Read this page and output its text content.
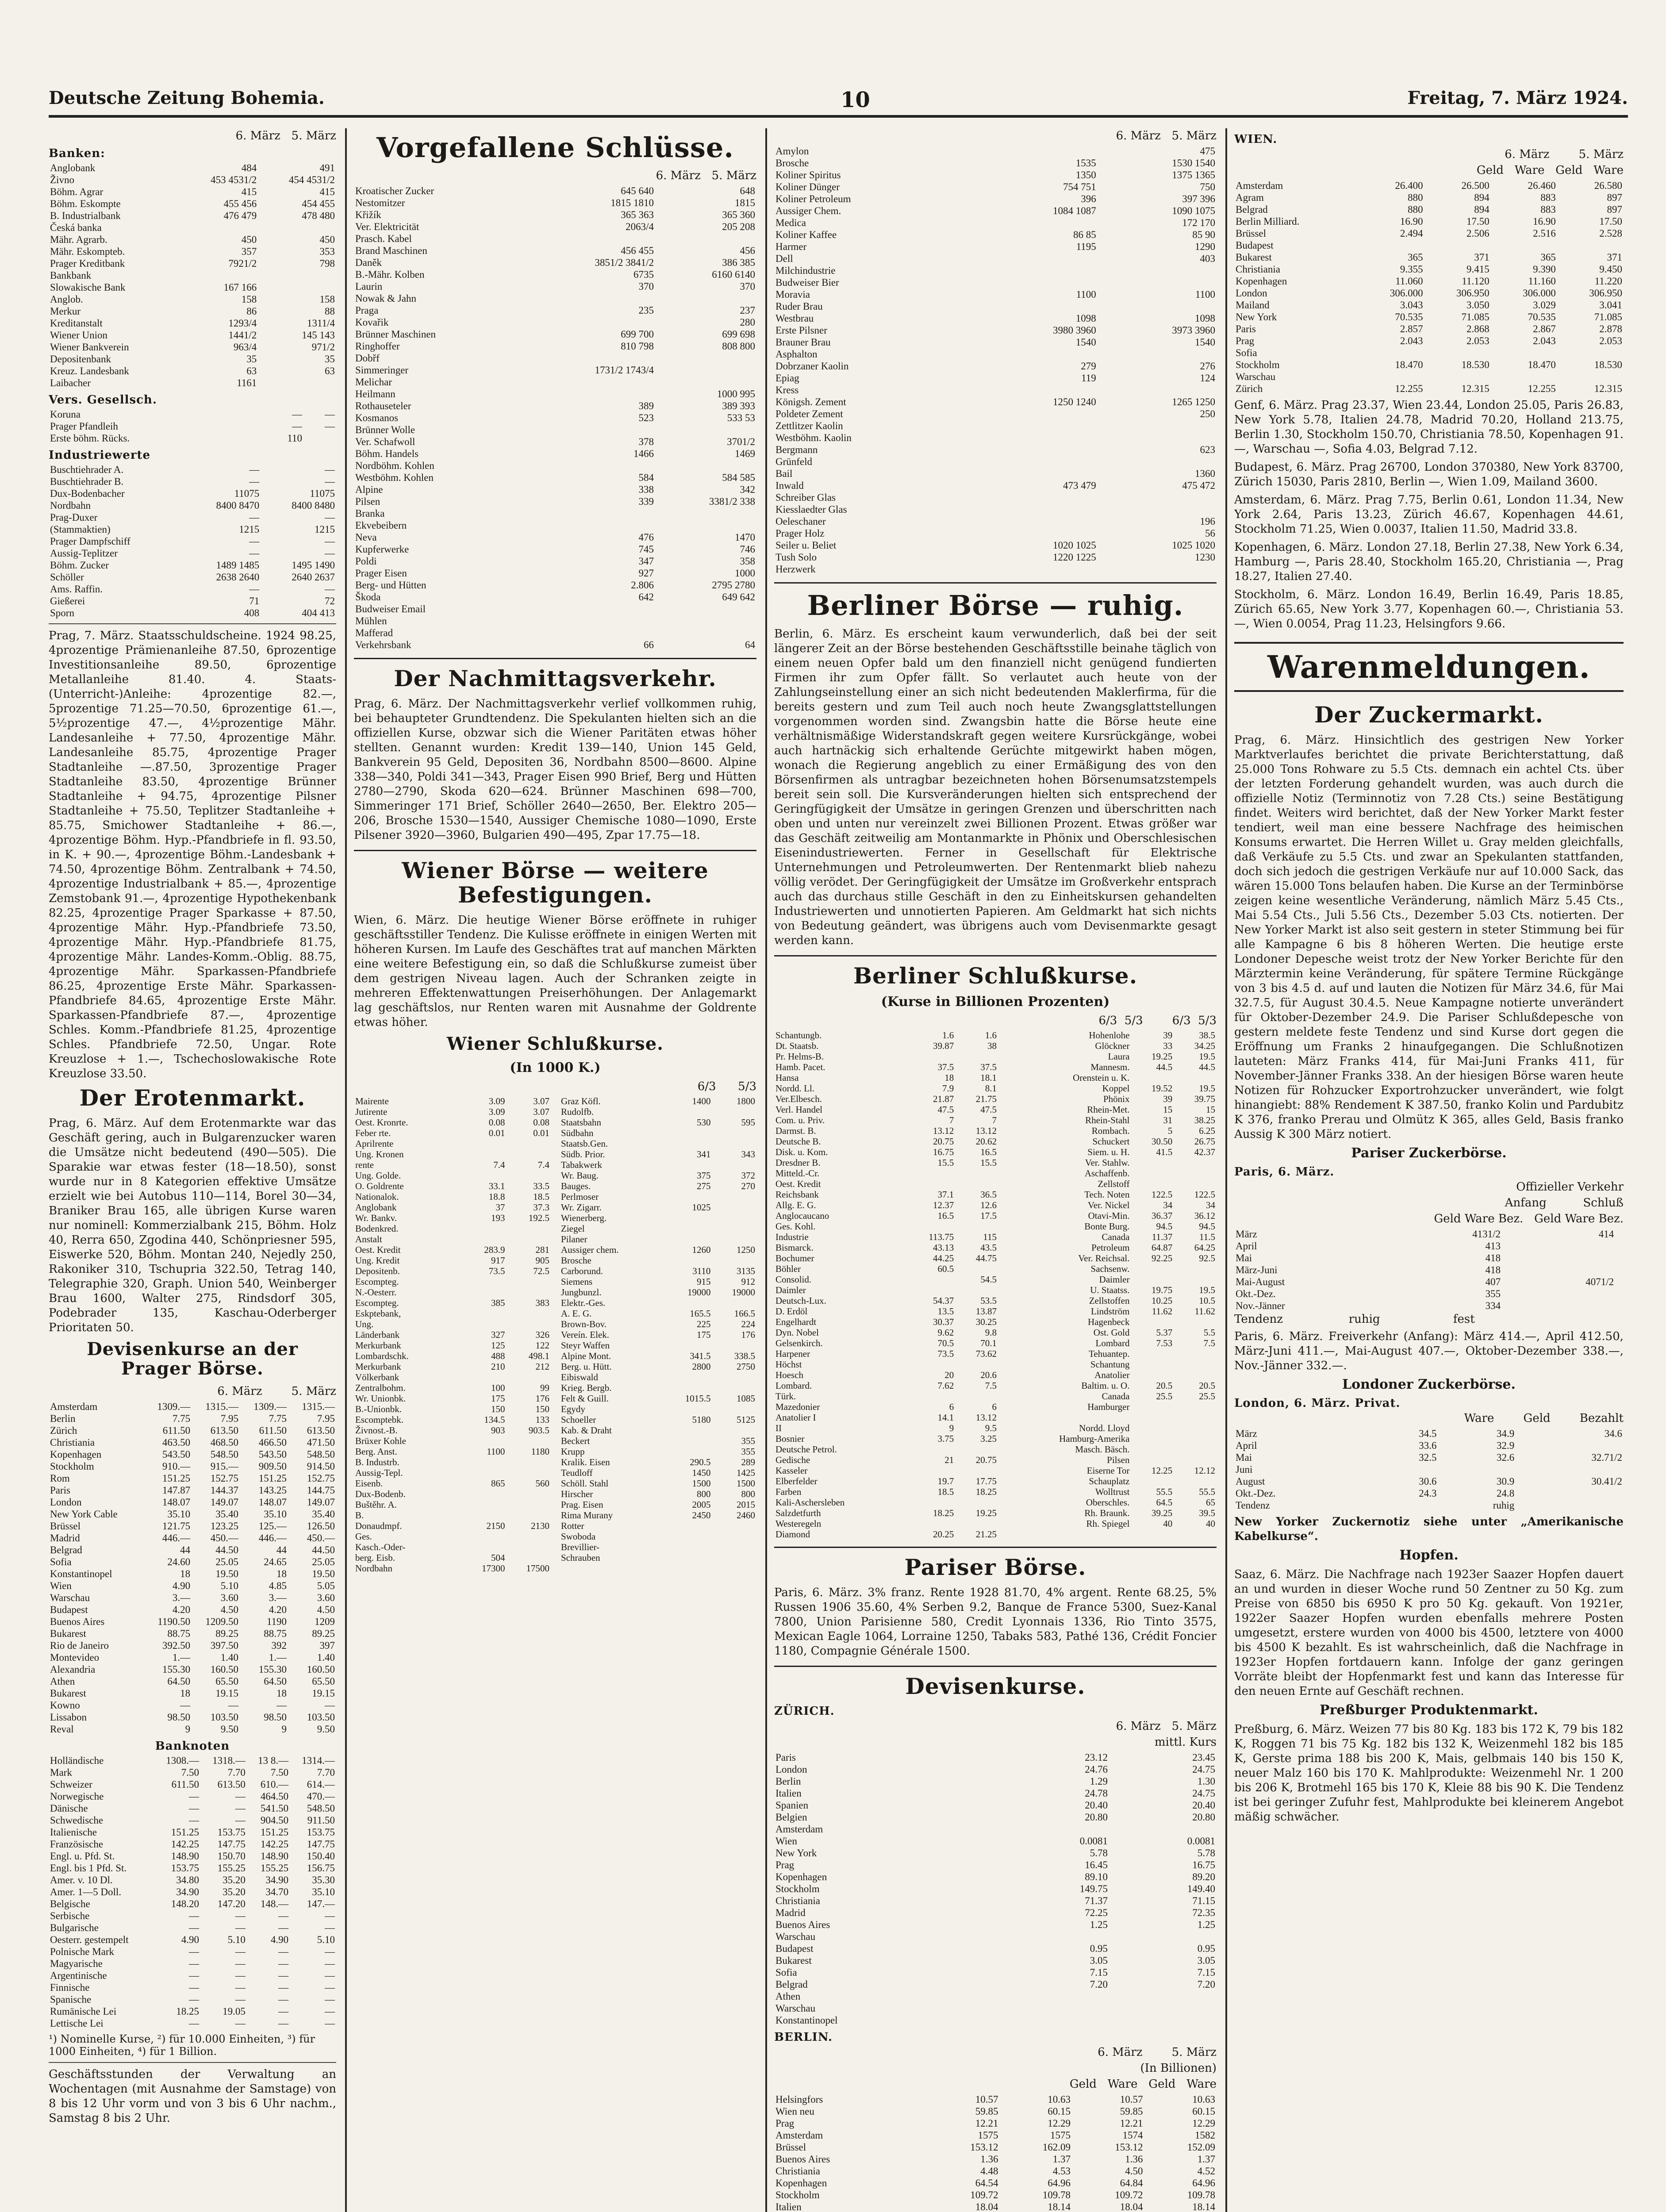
Deutsche Zeitung Bohemia.	10	Freitag, 7. März 1924.
6. März   5. März
Banken:
Anglobank	484	491
Živno	453 4531/2	454 4531/2
Böhm. Agrar	415	415
Böhm. Eskompte	455 456	454 455
B. Industrialbank	476 479	478 480
Česká banka		
Mähr. Agrarb.	450	450
Mähr. Eskompteb.	357	353
Prager Kreditbank	7921/2	798
Bankbank		
Slowakische Bank	167 166	
Anglob.	158	158
Merkur	86	88
Kreditanstalt	1293/4	1311/4
Wiener Union	1441/2	145 143
Wiener Bankverein	963/4	971/2
Depositenbank	35	35
Kreuz. Landesbank	63	63
Laibacher	1161	
Vers. Gesellsch.
Koruna	—	—
Prager Pfandleih	—	—
Erste böhm. Rücks.	110	
Industriewerte
Buschtiehrader A.	—	—
Buschtiehrader B.	—	—
Dux-Bodenbacher	11075	11075
Nordbahn	8400 8470	8400 8480
Prag-Duxer	—	—
(Stammaktien)	1215	1215
Prager Dampfschiff	—	—
Aussig-Teplitzer	—	—
Böhm. Zucker	1489 1485	1495 1490
Schöller	2638 2640	2640 2637
Ams. Raffin.	—	—
Gießerei	71	72
Sporn	408	404 413

Prag, 7. März. Staatsschuldscheine. 1924 98.25, 4prozentige Prämienanleihe 87.50, 6prozentige Investitionsanleihe 89.50, 6prozentige Metallanleihe 81.40. 4. Staats-(Unterricht-)Anleihe: 4prozentige 82.—, 5prozentige 71.25—70.50, 6prozentige 61.—, 5½prozentige 47.—, 4½prozentige Mähr. Landesanleihe + 77.50, 4prozentige Mähr. Landesanleihe 85.75, 4prozentige Prager Stadtanleihe —.87.50, 3prozentige Prager Stadtanleihe 83.50, 4prozentige Brünner Stadtanleihe + 94.75, 4prozentige Pilsner Stadtanleihe + 75.50, Teplitzer Stadtanleihe + 85.75, Smichower Stadtanleihe + 86.—, 4prozentige Böhm. Hyp.-Pfandbriefe in fl. 93.50, in K. + 90.—, 4prozentige Böhm.-Landesbank + 74.50, 4prozentige Böhm. Zentralbank + 74.50, 4prozentige Industrialbank + 85.—, 4prozentige Zemstobank 91.—, 4prozentige Hypothekenbank 82.25, 4prozentige Prager Sparkasse + 87.50, 4prozentige Mähr. Hyp.-Pfandbriefe 73.50, 4prozentige Mähr. Hyp.-Pfandbriefe 81.75, 4prozentige Mähr. Landes-Komm.-Oblig. 88.75, 4prozentige Mähr. Sparkassen-Pfandbriefe 86.25, 4prozentige Erste Mähr. Sparkassen-Pfandbriefe 84.65, 4prozentige Erste Mähr. Sparkassen-Pfandbriefe 87.—, 4prozentige Schles. Komm.-Pfandbriefe 81.25, 4prozentige Schles. Pfandbriefe 72.50, Ungar. Rote Kreuzlose + 1.—, Tschechoslowakische Rote Kreuzlose 33.50.

Der Erotenmarkt.

Prag, 6. März. Auf dem Erotenmarkte war das Geschäft gering, auch in Bulgarenzucker waren die Umsätze nicht bedeutend (490—505). Die Sparakie war etwas fester (18—18.50), sonst wurde nur in 8 Kategorien effektive Umsätze erzielt wie bei Autobus 110—114, Borel 30—34, Braniker Brau 165, alle übrigen Kurse waren nur nominell: Kommerzialbank 215, Böhm. Holz 40, Rerra 650, Zgodina 440, Schönpriesner 595, Eiswerke 520, Böhm. Montan 240, Nejedly 250, Rakoniker 310, Tschupria 322.50, Tetrag 140, Telegraphie 320, Graph. Union 540, Weinberger Brau 1600, Walter 275, Rindsdorf 305, Podebrader 135, Kaschau-Oderberger Prioritaten 50.

Devisenkurse an der Prager Börse.
6. März        5. März
Amsterdam	1309.—	1315.—	1309.—	1315.—
Berlin	7.75	7.95	7.75	7.95
Zürich	611.50	613.50	611.50	613.50
Christiania	463.50	468.50	466.50	471.50
Kopenhagen	543.50	548.50	543.50	548.50
Stockholm	910.—	915.—	909.50	914.50
Rom	151.25	152.75	151.25	152.75
Paris	147.87	144.37	143.25	144.75
London	148.07	149.07	148.07	149.07
New York Cable	35.10	35.40	35.10	35.40
Brüssel	121.75	123.25	125.—	126.50
Madrid	446.—	450.—	446.—	450.—
Belgrad	44	44.50	44	44.50
Sofia	24.60	25.05	24.65	25.05
Konstantinopel	18	19.50	18	19.50
Wien	4.90	5.10	4.85	5.05
Warschau	3.—	3.60	3.—	3.60
Budapest	4.20	4.50	4.20	4.50
Buenos Aires	1190.50	1209.50	1190	1209
Bukarest	88.75	89.25	88.75	89.25
Rio de Janeiro	392.50	397.50	392	397
Montevideo	1.—	1.40	1.—	1.40
Alexandria	155.30	160.50	155.30	160.50
Athen	64.50	65.50	64.50	65.50
Bukarest	18	19.15	18	19.15
Kowno	—	—	—	—
Lissabon	98.50	103.50	98.50	103.50
Reval	9	9.50	9	9.50
Banknoten
Holländische	1308.—	1318.—	13 8.—	1314.—
Mark	7.50	7.70	7.50	7.70
Schweizer	611.50	613.50	610.—	614.—
Norwegische	—	—	464.50	470.—
Dänische	—	—	541.50	548.50
Schwedische	—	—	904.50	911.50
Italienische	151.25	153.75	151.25	153.75
Französische	142.25	147.75	142.25	147.75
Engl. u. Pfd. St.	148.90	150.70	148.90	150.40
Engl. bis 1 Pfd. St.	153.75	155.25	155.25	156.75
Amer. v. 10 Dl.	34.80	35.20	34.90	35.30
Amer. 1—5 Doll.	34.90	35.20	34.70	35.10
Belgische	148.20	147.20	148.—	147.—
Serbische	—	—	—	—
Bulgarische	—	—	—	—
Oesterr. gestempelt	4.90	5.10	4.90	5.10
Polnische Mark	—	—	—	—
Magyarische	—	—	—	—
Argentinische	—	—	—	—
Finnische	—	—	—	—
Spanische	—	—	—	—
Rumänische Lei	18.25	19.05	—	—
Lettische Lei	—	—	—	—
¹) Nominelle Kurse, ²) für 10.000 Einheiten, ³) für 1000 Einheiten, ⁴) für 1 Billion.

Geschäftsstunden der Verwaltung an Wochentagen (mit Ausnahme der Samstage) von 8 bis 12 Uhr vorm und von 3 bis 6 Uhr nachm., Samstag 8 bis 2 Uhr.

Vorgefallene Schlüsse.
6. März   5. März
Kroatischer Zucker	645 640	648
Nestomitzer	1815 1810	1815

Křižík	365 363	365 360
Ver. Elektricität	2063/4	205 208
Prasch. Kabel		
Brand Maschinen	456 455	456
Daněk	3851/2 3841/2	386 385
B.-Mähr. Kolben	6735	6160 6140
Laurin	370	370
Nowak & Jahn		
Praga	235	237
Kovařik		280
Brünner Maschinen	699 700	699 698
Ringhoffer	810 798	808 800
Dobřf		
Simmeringer	1731/2 1743/4	
Melichar		
Heilmann		1000 995

Rothauseteler	389	389 393
Kosmanos	523	533 53
Brünner Wolle		
Ver. Schafwoll	378	3701/2

Böhm. Handels	1466	1469
Nordböhm. Kohlen		
Westböhm. Kohlen	584	584 585
Alpine	338	342
Pilsen	339	3381/2 338
Branka		
Ekvebeibern		
Neva	476	1470
Kupferwerke	745	746
Poldi	347	358
Prager Eisen	927	1000
Berg- und Hütten	2.806	2795 2780
Škoda	642	649 642
Budweiser Email		
Mühlen		
Mafferad		
Verkehrsbank	66	64
Der Nachmittagsverkehr.

Prag, 6. März. Der Nachmittagsverkehr verlief vollkommen ruhig, bei behaupteter Grundtendenz. Die Spekulanten hielten sich an die offiziellen Kurse, obzwar sich die Wiener Paritäten etwas höher stellten. Genannt wurden: Kredit 139—140, Union 145 Geld, Bankverein 95 Geld, Depositen 36, Nordbahn 8500—8600. Alpine 338—340, Poldi 341—343, Prager Eisen 990 Brief, Berg und Hütten 2780—2790, Skoda 620—624. Brünner Maschinen 698—700, Simmeringer 171 Brief, Schöller 2640—2650, Ber. Elektro 205—206, Brosche 1530—1540, Aussiger Chemische 1080—1090, Erste Pilsener 3920—3960, Bulgarien 490—495, Zpar 17.75—18.

Wiener Börse — weitere Befestigungen.

Wien, 6. März. Die heutige Wiener Börse eröffnete in ruhiger geschäftsstiller Tendenz. Die Kulisse eröffnete in einigen Werten mit höheren Kursen. Im Laufe des Geschäftes trat auf manchen Märkten eine weitere Befestigung ein, so daß die Schlußkurse zumeist über dem gestrigen Niveau lagen. Auch der Schranken zeigte in mehreren Effektenwattungen Preiserhöhungen. Der Anlagemarkt lag geschäftslos, nur Renten waren mit Ausnahme der Goldrente etwas höher.

Wiener Schlußkurse.
(In 1000 K.)
6/3      5/3
Mairente	3.09	3.07
Jutirente	3.09	3.07
Oest. Kronrte.	0.08	0.08
Feber rte.	0.01	0.01
Aprilrente		
Ung. Kronen		
rente	7.4	7.4
Ung. Golde.		
O. Goldrente	33.1	33.5
Nationalok.	18.8	18.5
Anglobank	37	37.3
Wr. Bankv.	193	192.5
Bodenkred.		
Anstalt		
Oest. Kredit	283.9	281
Ung. Kredit	917	905
Depositenb.	73.5	72.5
Escompteg.		
N.-Oesterr.		
Escompteg.	385	383
Eskptebank,		
Ung.		
Länderbank	327	326
Merkurbank	125	122
Lombardschk.	488	498.1
Merkurbank	210	212
Völkerbank		
Zentralbohm.	100	99
Wr. Unionbk.	175	176
B.-Unionbk.	150	150
Escomptebk.	134.5	133
Živnost.-B.	903	903.5
Brüxer Kohle		
Berg. Anst.	1100	1180
B. Industrb.		
Aussig-Tepl.		
Eisenb.	865	560
Dux-Bodenb.		
Buštěhr. A.		
B.		
Donaudmpf.	2150	2130
Ges.		
Kasch.-Oder-		
berg. Eisb.	504	
Nordbahn	17300	17500
Graz Köfl.	1400	1800
Rudolfb.		
Staatsbahn	530	595
Südbahn		
Staatsb.Gen.		
Südb. Prior.	341	343
Tabakwerk		
Wr. Baug.	375	372
Bauges.	275	270
Perlmoser		
Wr. Zigarr.	1025	
Wienerberg.		
Ziegel		
Pilaner		
Aussiger chem.	1260	1250
Brosche		
Carborund.	3110	3135
Siemens	915	912
Jungbunzl.	19000	19000
Elektr.-Ges.		
A. E. G.	165.5	166.5
Brown-Bov.	225	224
Vereín. Elek.	175	176
Steyr Waffen		
Alpine Mont.	341.5	338.5
Berg. u. Hütt.	2800	2750
Eibiswald		
Krieg. Bergb.		
Felt & Guill.	1015.5	1085
Egydy		
Schoeller	5180	5125
Kab. & Draht		
Beckert		355
Krupp		355
Kralik. Eisen	290.5	289
Teudloff	1450	1425
Schöll. Stahl	1500	1500
Hirscher	800	800
Prag. Eisen	2005	2015
Rima Murany	2450	2460
Rotter		
Swoboda		
Brevillier-		
Schrauben		
6. März   5. März
Amylon		475
Brosche	1535	1530 1540
Koliner Spiritus	1350	1375 1365
Koliner Dünger	754 751	750
Koliner Petroleum	396	397 396
Aussiger Chem.	1084 1087	1090 1075
Medica		172 170

Koliner Kaffee	86 85	85 90
Harmer	1195	1290
Dell		403
Milchindustrie		

Budweiser Bier		
Moravia	1100	1100
Ruder Brau		
Westbrau	1098	1098
Erste Pilsner	3980 3960	3973 3960
Brauner Brau	1540	1540

Asphalton		
Dobrzaner Kaolin	279	276
Epiag	119	124
Kress		
Königsh. Zement	1250 1240	1265 1250
Poldeter Zement		250
Zettlitzer Kaolin		
Westböhm. Kaolin		

Bergmann		623
Grünfeld		
Bail		1360
Inwald	473 479	475 472
Schreiber Glas		
Kiesslaedter Glas		
Oeleschaner		196
Prager Holz		56

Seiler u. Beliet	1020 1025	1025 1020
Tush Solo	1220 1225	1230
Herzwerk		
Berliner Börse — ruhig.

Berlin, 6. März. Es erscheint kaum verwunderlich, daß bei der seit längerer Zeit an der Börse bestehenden Geschäftsstille beinahe täglich von einem neuen Opfer bald um den finanziell nicht genügend fundierten Firmen ihr zum Opfer fällt. So verlautet auch heute von der Zahlungseinstellung einer an sich nicht bedeutenden Maklerfirma, für die bereits gestern und zum Teil auch noch heute Zwangsglattstellungen vorgenommen worden sind. Zwangsbin hatte die Börse heute eine verhältnismäßige Widerstandskraft gegen weitere Kursrückgänge, wobei auch hartnäckig sich erhaltende Gerüchte mitgewirkt haben mögen, wonach die Regierung angeblich zu einer Ermäßigung des von den Börsenfirmen als untragbar bezeichneten hohen Börsenumsatzstempels bereit sein soll. Die Kursveränderungen hielten sich entsprechend der Geringfügigkeit der Umsätze in geringen Grenzen und überschritten nach oben und unten nur vereinzelt zwei Billionen Prozent. Etwas größer war das Geschäft zeitweilig am Montanmarkte in Phönix und Oberschlesischen Eisenindustriewerten. Ferner in Gesellschaft für Elektrische Unternehmungen und Petroleumwerten. Der Rentenmarkt blieb nahezu völlig verödet. Der Geringfügigkeit der Umsätze im Großverkehr entsprach auch das durchaus stille Geschäft in den zu Einheitskursen gehandelten Industriewerten und unnotierten Papieren. Am Geldmarkt hat sich nichts von Bedeutung geändert, was übrigens auch vom Devisenmarkte gesagt werden kann.

Berliner Schlußkurse.
(Kurse in Billionen Prozenten)
6/3  5/3        6/3  5/3
Schantungb.	1.6	1.6	Hohenlohe	39	38.5
Dt. Staatsb.	39.87	38	Glöckner	33	34.25
Pr. Helms-B.			Laura	19.25	19.5
Hamb. Pacet.	37.5	37.5	Mannesm.	44.5	44.5
Hansa	18	18.1	Orenstein u. K.		
Nordd. Ll.	7.9	8.1	Koppel	19.52	19.5
Ver.Elbesch.	21.87	21.75	Phönix	39	39.75
Verl. Handel	47.5	47.5	Rhein-Met.	15	15
Com. u. Priv.	7	7	Rhein-Stahl	31	38.25
Darmst. B.	13.12	13.12	Rombach.	5	6.25
Deutsche B.	20.75	20.62	Schuckert	30.50	26.75
Disk. u. Kom.	16.75	16.5	Siem. u. H.	41.5	42.37
Dresdner B.	15.5	15.5	Ver. Stahlw.		
Mitteld.-Cr.			Aschaffenb.		
Oest. Kredit			Zellstoff		
Reichsbank	37.1	36.5	Tech. Noten	122.5	122.5
Allg. E. G.	12.37	12.6	Ver. Nickel	34	34
Anglocaucano	16.5	17.5	Otavi-Min.	36.37	36.12
Ges. Kohl.			Bonte Burg.	94.5	94.5
Industrie	113.75	115	Canada	11.37	11.5
Bismarck.	43.13	43.5	Petroleum	64.87	64.25
Bochumer	44.25	44.75	Ver. Reichsal.	92.25	92.5
Böhler	60.5		Sachsenw.		
Consolid.		54.5	Daimler		
Daimler			U. Staatss.	19.75	19.5
Deutsch-Lux.	54.37	53.5	Zellstoffen	10.25	10.5
D. Erdöl	13.5	13.87	Lindström	11.62	11.62
Engelhardt	30.37	30.25	Hagenbeck		
Dyn. Nobel	9.62	9.8	Ost. Gold	5.37	5.5
Gelsenkirch.	70.5	70.1	Lombard	7.53	7.5
Harpener	73.5	73.62	Tehuantep.		
Höchst			Schantung		
Hoesch	20	20.6	Anatolier		
Lombard.	7.62	7.5	Baltim. u. O.	20.5	20.5
Türk.			Canada	25.5	25.5
Mazedonier	6	6	Hamburger		
Anatolier I	14.1	13.12			
II	9	9.5	Nordd. Lloyd		
Bosnier	3.75	3.25	Hamburg-Amerika		
Deutsche Petrol.			Masch. Bäsch.		
Gedische	21	20.75	Pilsen		
Kasseler			Eiserne Tor	12.25	12.12
Elberfelder	19.7	17.75	Schauplatz		
Farben	18.5	18.25	Wolltrust	55.5	55.5
Kali-Aschersleben			Oberschles.	64.5	65
Salzdetfurth	18.25	19.25	Rh. Braunk.	39.25	39.5
Westeregeln			Rh. Spiegel	40	40
Diamond	20.25	21.25			
Pariser Börse.

Paris, 6. März. 3% franz. Rente 1928 81.70, 4% argent. Rente 68.25, 5% Russen 1906 35.60, 4% Serben 9.2, Banque de France 5300, Suez-Kanal 7800, Union Parisienne 580, Credit Lyonnais 1336, Rio Tinto 3575, Mexican Eagle 1064, Lorraine 1250, Tabaks 583, Pathé 136, Crédit Foncier 1180, Compagnie Générale 1500.

Devisenkurse.
ZÜRICH.
6. März   5. März
mittl. Kurs
Paris	23.12	23.45
London	24.76	24.75
Berlin	1.29	1.30
Italien	24.78	24.75
Spanien	20.40	20.40
Belgien	20.80	20.80
Amsterdam		
Wien	0.0081	0.0081
New York	5.78	5.78
Prag	16.45	16.75
Kopenhagen	89.10	89.20
Stockholm	149.75	149.40
Christiania	71.37	71.15
Madrid	72.25	72.35
Buenos Aires	1.25	1.25
Warschau		
Budapest	0.95	0.95
Bukarest	3.05	3.05
Sofia	7.15	7.15
Belgrad	7.20	7.20
Athen		
Warschau		
Konstantinopel		
BERLIN.
6. März        5. März
(In Billionen)
Geld   Ware   Geld   Ware
Helsingfors	10.57	10.63	10.57	10.63
Wien neu	59.85	60.15	59.85	60.15
Prag	12.21	12.29	12.21	12.29
Amsterdam	1575	1575	1574	1582
Brüssel	153.12	162.09	153.12	152.09
Buenos Aires	1.36	1.37	1.36	1.37
Christiania	4.48	4.53	4.50	4.52
Kopenhagen	64.54	64.96	64.84	64.96
Stockholm	109.72	109.78	109.72	109.78
Italien	18.04	18.14	18.04	18.14

WIEN.
6. März        5. März
Geld   Ware   Geld   Ware
Amsterdam	26.400	26.500	26.460	26.580
Agram	880	894	883	897
Belgrad	880	894	883	897
Berlin Milliard.	16.90	17.50	16.90	17.50
Brüssel	2.494	2.506	2.516	2.528
Budapest				
Bukarest	365	371	365	371
Christiania	9.355	9.415	9.390	9.450
Kopenhagen	11.060	11.120	11.160	11.220
London	306.000	306.950	306.000	306.950
Mailand	3.043	3.050	3.029	3.041
New York	70.535	71.085	70.535	71.085
Paris	2.857	2.868	2.867	2.878
Prag	2.043	2.053	2.043	2.053
Sofia				
Stockholm	18.470	18.530	18.470	18.530
Warschau				
Zürich	12.255	12.315	12.255	12.315

Genf, 6. März. Prag 23.37, Wien 23.44, London 25.05, Paris 26.83, New York 5.78, Italien 24.78, Madrid 70.20, Holland 213.75, Berlin 1.30, Stockholm 150.70, Christiania 78.50, Kopenhagen 91.—, Warschau —, Sofia 4.03, Belgrad 7.12.

Budapest, 6. März. Prag 26700, London 370380, New York 83700, Zürich 15030, Paris 2810, Berlin —, Wien 1.09, Mailand 3600.

Amsterdam, 6. März. Prag 7.75, Berlin 0.61, London 11.34, New York 2.64, Paris 13.23, Zürich 46.67, Kopenhagen 44.61, Stockholm 71.25, Wien 0.0037, Italien 11.50, Madrid 33.8.

Kopenhagen, 6. März. London 27.18, Berlin 27.38, New York 6.34, Hamburg —, Paris 28.40, Stockholm 165.20, Christiania —, Prag 18.27, Italien 27.40.

Stockholm, 6. März. London 16.49, Berlin 16.49, Paris 18.85, Zürich 65.65, New York 3.77, Kopenhagen 60.—, Christiania 53.—, Wien 0.0054, Prag 11.23, Helsingfors 9.66.

Warenmeldungen.
Der Zuckermarkt.

Prag, 6. März. Hinsichtlich des gestrigen New Yorker Marktverlaufes berichtet die private Berichterstattung, daß 25.000 Tons Rohware zu 5.5 Cts. demnach ein achtel Cts. über der letzten Forderung gehandelt wurden, was auch durch die offizielle Notiz (Terminnotiz von 7.28 Cts.) seine Bestätigung findet. Weiters wird berichtet, daß der New Yorker Markt fester tendiert, weil man eine bessere Nachfrage des heimischen Konsums erwartet. Die Herren Willet u. Gray melden gleichfalls, daß Verkäufe zu 5.5 Cts. und zwar an Spekulanten stattfanden, doch sich jedoch die gestrigen Verkäufe nur auf 10.000 Sack, das wären 15.000 Tons belaufen haben. Die Kurse an der Terminbörse zeigen keine wesentliche Veränderung, nämlich März 5.45 Cts., Mai 5.54 Cts., Juli 5.56 Cts., Dezember 5.03 Cts. notierten. Der New Yorker Markt ist also seit gestern in steter Stimmung bei für alle Kampagne 6 bis 8 höheren Werten. Die heutige erste Londoner Depesche weist trotz der New Yorker Berichte für den Märztermin keine Veränderung, für spätere Termine Rückgänge von 3 bis 4.5 d. auf und lauten die Notizen für März 34.6, für Mai 32.7.5, für August 30.4.5. Neue Kampagne notierte unverändert für Oktober-Dezember 24.9. Die Pariser Schlußdepesche von gestern meldete feste Tendenz und sind Kurse dort gegen die Eröffnung um Franks 2 hinaufgegangen. Die Schlußnotizen lauteten: März Franks 414, für Mai-Juni Franks 411, für November-Jänner Franks 338. An der hiesigen Börse waren heute Notizen für Rohzucker Exportrohzucker unverändert, wie folgt hinangiebt: 88% Rendement K 387.50, franko Kolin und Pardubitz K 376, franko Prerau und Olmütz K 365, alles Geld, Basis franko Aussig K 300 März notiert.

Pariser Zuckerbörse.
Paris, 6. März.
Offizieller Verkehr
Anfang          Schluß
Geld Ware Bez.   Geld Ware Bez.
März		4131/2			414	
April		413				
Mai		418				
März-Juni		418				
Mai-August		407			4071/2	
Okt.-Dez.		355				
Nov.-Jänner		334				
Tendenz                  ruhig                    fest

Paris, 6. März. Freiverkehr (Anfang): März 414.—, April 412.50, März-Juni 411.—, Mai-August 407.—, Oktober-Dezember 338.—, Nov.-Jänner 332.—.

Londoner Zuckerbörse.
London, 6. März. Privat.
Ware        Geld        Bezahlt
März	34.5	34.9	34.6
April	33.6	32.9	
Mai	32.5	32.6	32.71/2
Juni			
August	30.6	30.9	30.41/2
Okt.-Dez.	24.3	24.8	
Tendenz		ruhig	

New Yorker Zuckernotiz siehe unter „Amerikanische Kabelkurse“.

Hopfen.

Saaz, 6. März. Die Nachfrage nach 1923er Saazer Hopfen dauert an und wurden in dieser Woche rund 50 Zentner zu 50 Kg. zum Preise von 6850 bis 6950 K pro 50 Kg. gekauft. Von 1921er, 1922er Saazer Hopfen wurden ebenfalls mehrere Posten umgesetzt, erstere wurden von 4000 bis 4500, letztere von 4000 bis 4500 K bezahlt. Es ist wahrscheinlich, daß die Nachfrage in 1923er Hopfen fortdauern kann. Infolge der ganz geringen Vorräte bleibt der Hopfenmarkt fest und kann das Interesse für den neuen Ernte auf Geschäft rechnen.

Preßburger Produktenmarkt.

Preßburg, 6. März. Weizen 77 bis 80 Kg. 183 bis 172 K, 79 bis 182 K, Roggen 71 bis 75 Kg. 182 bis 132 K, Weizenmehl 182 bis 185 K, Gerste prima 188 bis 200 K, Mais, gelbmais 140 bis 150 K, neuer Malz 160 bis 170 K. Mahlprodukte: Weizenmehl Nr. 1 200 bis 206 K, Brotmehl 165 bis 170 K, Kleie 88 bis 90 K. Die Tendenz ist bei geringer Zufuhr fest, Mahlprodukte bei kleinerem Angebot mäßig schwächer.
